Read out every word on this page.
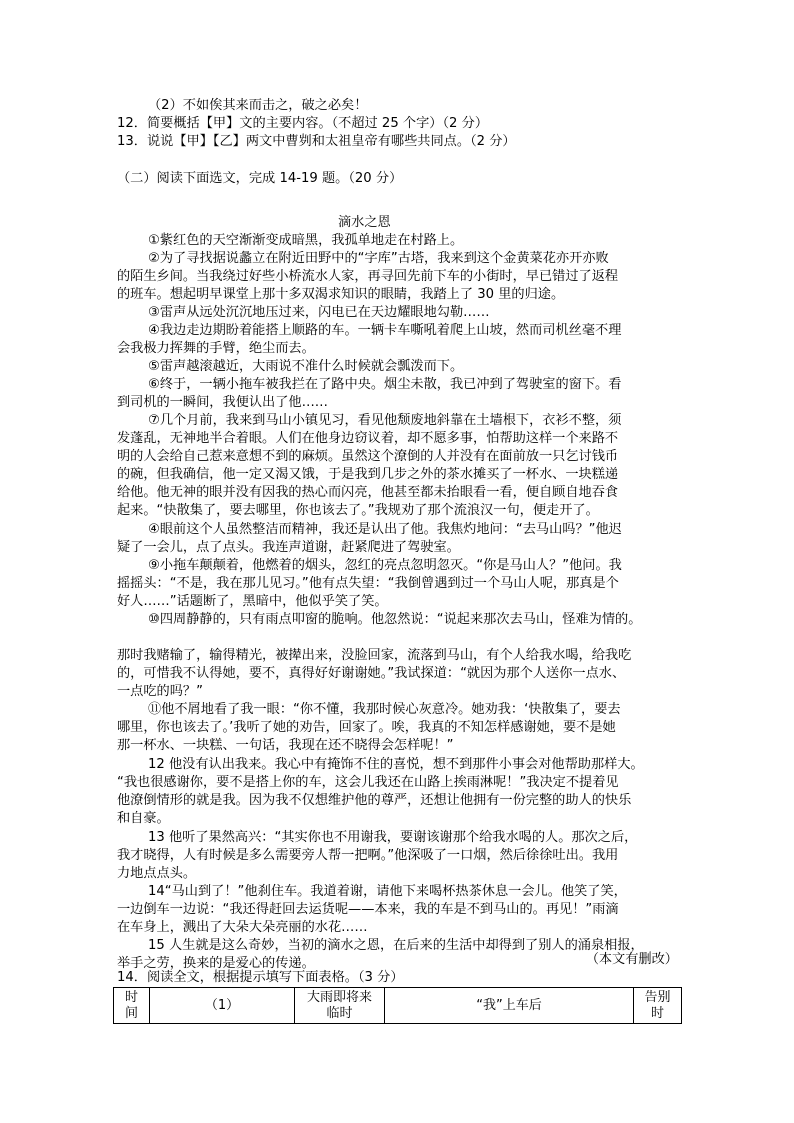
（2）不如俟其来而击之，破之必矣！
12．简要概括【甲】文的主要内容。（不超过 25 个字）（2 分）
13．说说【甲】【乙】两文中曹刿和太祖皇帝有哪些共同点。（2 分）
（二）阅读下面选文，完成 14-19 题。（20 分）
滴水之恩
①紫红色的天空渐渐变成暗黑，我孤单地走在村路上。
②为了寻找据说蠡立在附近田野中的“字库”古塔，我来到这个金黄菜花亦开亦败
的陌生乡间。当我绕过好些小桥流水人家，再寻回先前下车的小街时，早已错过了返程
的班车。想起明早课堂上那十多双渴求知识的眼睛，我踏上了 30 里的归途。
③雷声从远处沉沉地压过来，闪电已在天边耀眼地勾勒……
④我边走边期盼着能搭上顺路的车。一辆卡车嘶吼着爬上山坡，然而司机丝毫不理
会我极力挥舞的手臂，绝尘而去。
⑤雷声越滚越近，大雨说不准什么时候就会瓢泼而下。
⑥终于，一辆小拖车被我拦在了路中央。烟尘未散，我已冲到了驾驶室的窗下。看
到司机的一瞬间，我便认出了他……
⑦几个月前，我来到马山小镇见习，看见他颓废地斜靠在土墙根下，衣衫不整，须
发蓬乱，无神地半合着眼。人们在他身边窃议着，却不愿多事，怕帮助这样一个来路不
明的人会给自己惹来意想不到的麻烦。虽然这个潦倒的人并没有在面前放一只乞讨钱币
的碗，但我确信，他一定又渴又饿，于是我到几步之外的茶水摊买了一杯水、一块糕递
给他。他无神的眼并没有因我的热心而闪亮，他甚至都未抬眼看一看，便自顾自地吞食
起来。“快散集了，要去哪里，你也该去了。”我规劝了那个流浪汉一句，便走开了。
④眼前这个人虽然整洁而精神，我还是认出了他。我焦灼地问：“去马山吗？”他迟
疑了一会儿，点了点头。我连声道谢，赶紧爬进了驾驶室。
⑨小拖车颠颠着，他燃着的烟头，忽红的亮点忽明忽灭。“你是马山人？”他问。我
摇摇头：“不是，我在那儿见习。”他有点失望：“我倒曾遇到过一个马山人呢，那真是个
好人……”话题断了，黑暗中，他似乎笑了笑。
⑩四周静静的，只有雨点叩窗的脆响。他忽然说：“说起来那次去马山，怪难为情的。
那时我赌输了，输得精光，被撵出来，没脸回家，流落到马山，有个人给我水喝，给我吃
的，可惜我不认得她，要不，真得好好谢谢她。”我试探道：“就因为那个人送你一点水、
一点吃的吗？”
⑪他不屑地看了我一眼：“你不懂，我那时候心灰意冷。她劝我：‘快散集了，要去
哪里，你也该去了。’我听了她的劝告，回家了。唉，我真的不知怎样感谢她，要不是她
那一杯水、一块糕、一句话，我现在还不晓得会怎样呢！”
12 他没有认出我来。我心中有掩饰不住的喜悦，想不到那件小事会对他帮助那样大。
“我也很感谢你，要不是搭上你的车，这会儿我还在山路上挨雨淋呢！”我决定不提着见
他潦倒情形的就是我。因为我不仅想维护他的尊严，还想让他拥有一份完整的助人的快乐
和自豪。
13 他听了果然高兴：“其实你也不用谢我，要谢该谢那个给我水喝的人。那次之后，
我才晓得，人有时候是多么需要旁人帮一把啊。”他深吸了一口烟，然后徐徐吐出。我用
力地点点头。
14“马山到了！”他刹住车。我道着谢，请他下来喝杯热茶休息一会儿。他笑了笑，
一边倒车一边说：“我还得赶回去运货呢——本来，我的车是不到马山的。再见！”雨滴
在车身上，溅出了大朵大朵亮丽的水花……
15 人生就是这么奇妙，当初的滴水之恩，在后来的生活中却得到了别人的涌泉相报，
举手之劳，换来的是爱心的传递。	（本文有删改）
14．阅读全文，根据提示填写下面表格。（3 分）
时间	（1）	大雨即将来临时	“我”上车后	告别时
